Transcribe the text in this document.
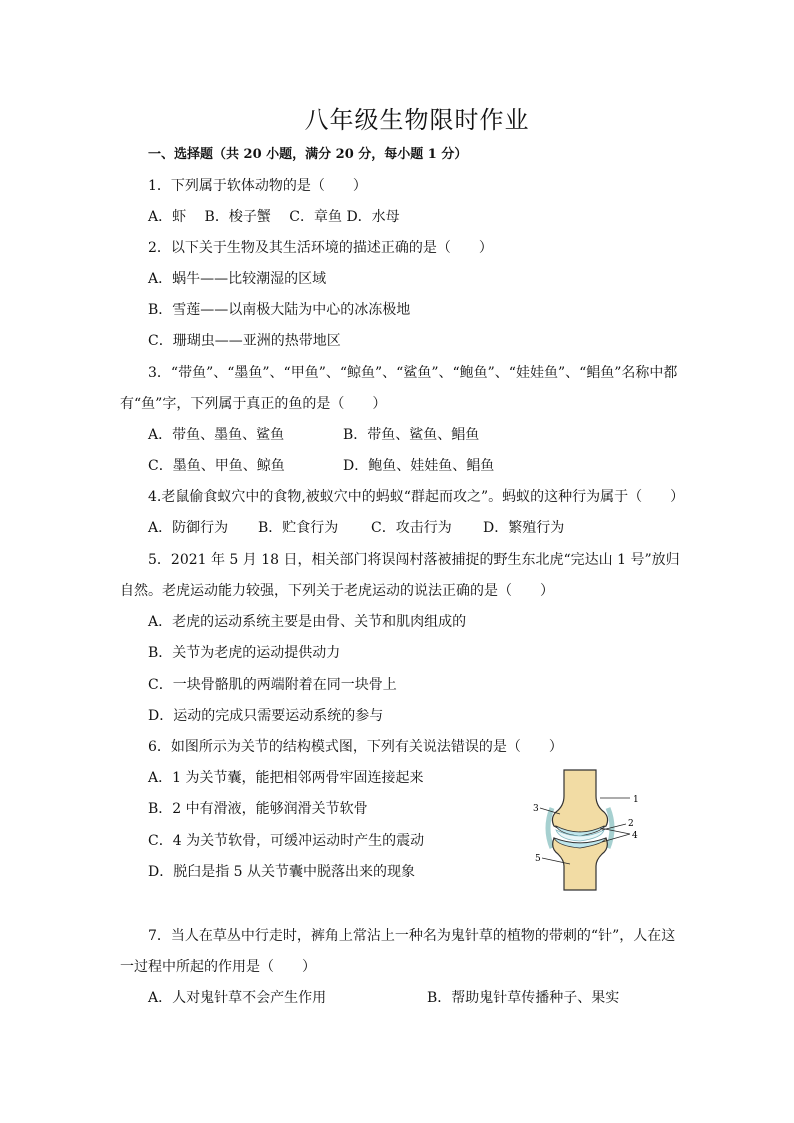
八年级生物限时作业
一、选择题（共 20 小题，满分 20 分，每小题 1 分）
1．下列属于软体动物的是（　　）
A．虾　 B．梭子蟹　 C．章鱼 D．水母
2．以下关于生物及其生活环境的描述正确的是（　　）
A．蜗牛——比较潮湿的区域
B．雪莲——以南极大陆为中心的冰冻极地
C．珊瑚虫——亚洲的热带地区
3．“带鱼”、“墨鱼”、“甲鱼”、“鲸鱼”、“鲨鱼”、“鲍鱼”、“娃娃鱼”、“鲳鱼”名称中都
有“鱼”字，下列属于真正的鱼的是（　　）
A．带鱼、墨鱼、鲨鱼	B．带鱼、鲨鱼、鲳鱼
C．墨鱼、甲鱼、鲸鱼	D．鲍鱼、娃娃鱼、鲳鱼
4.老鼠偷食蚁穴中的食物,被蚁穴中的蚂蚁“群起而攻之”。蚂蚁的这种行为属于（　　）
A．防御行为 B．贮食行为 C．攻击行为 D．繁殖行为
5．2021 年 5 月 18 日，相关部门将误闯村落被捕捉的野生东北虎“完达山 1 号”放归
自然。老虎运动能力较强，下列关于老虎运动的说法正确的是（　　）
A．老虎的运动系统主要是由骨、关节和肌肉组成的
B．关节为老虎的运动提供动力
C．一块骨骼肌的两端附着在同一块骨上
D．运动的完成只需要运动系统的参与
6．如图所示为关节的结构模式图，下列有关说法错误的是（　　）
A．1 为关节囊，能把相邻两骨牢固连接起来
B．2 中有滑液，能够润滑关节软骨
C．4 为关节软骨，可缓冲运动时产生的震动
D．脱臼是指 5 从关节囊中脱落出来的现象
1
2
3
4
5
7．当人在草丛中行走时，裤角上常沾上一种名为鬼针草的植物的带刺的“针”，人在这
一过程中所起的作用是（　　）
A．人对鬼针草不会产生作用	B．帮助鬼针草传播种子、果实
